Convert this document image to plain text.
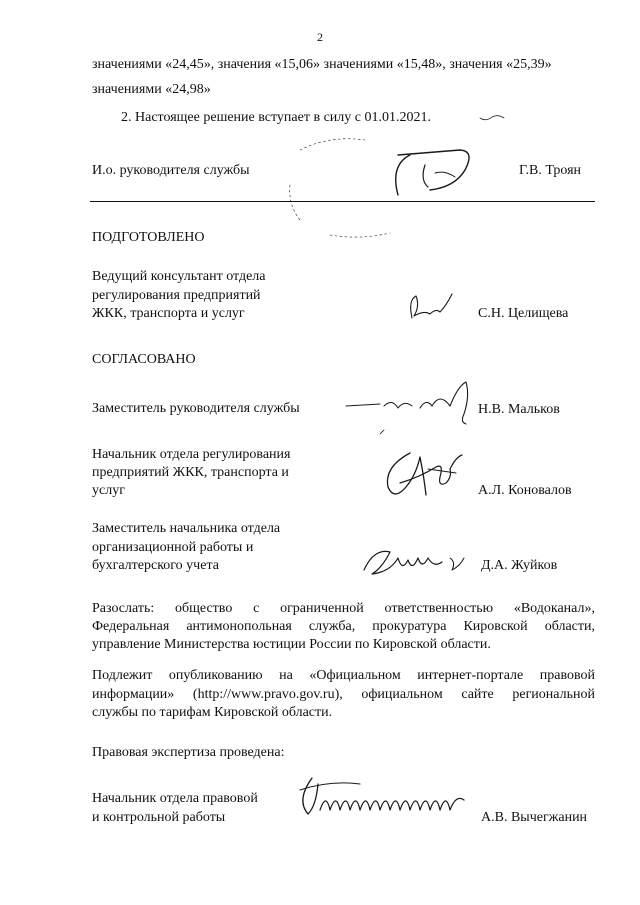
2
значениями «24,45», значения «15,06» значениями «15,48», значения «25,39»
значениями «24,98»
2. Настоящее решение вступает в силу с 01.01.2021.
И.о. руководителя службы	Г.В. Троян
ПОДГОТОВЛЕНО
Ведущий консультант отдела
регулирования предприятий
ЖКК, транспорта и услуг	С.Н. Целищева
СОГЛАСОВАНО
Заместитель руководителя службы	Н.В. Мальков
Начальник отдела регулирования
предприятий ЖКК, транспорта и
услуг	А.Л. Коновалов
Заместитель начальника отдела
организационной работы и
бухгалтерского учета	Д.А. Жуйков
Разослать: общество с ограниченной ответственностью «Водоканал»,
Федеральная антимонопольная служба, прокуратура Кировской области,
управление Министерства юстиции России по Кировской области.
Подлежит опубликованию на «Официальном интернет-портале правовой
информации» (http://www.pravo.gov.ru), официальном сайте региональной
службы по тарифам Кировской области.
Правовая экспертиза проведена:
Начальник отдела правовой
и контрольной работы	А.В. Вычегжанин
